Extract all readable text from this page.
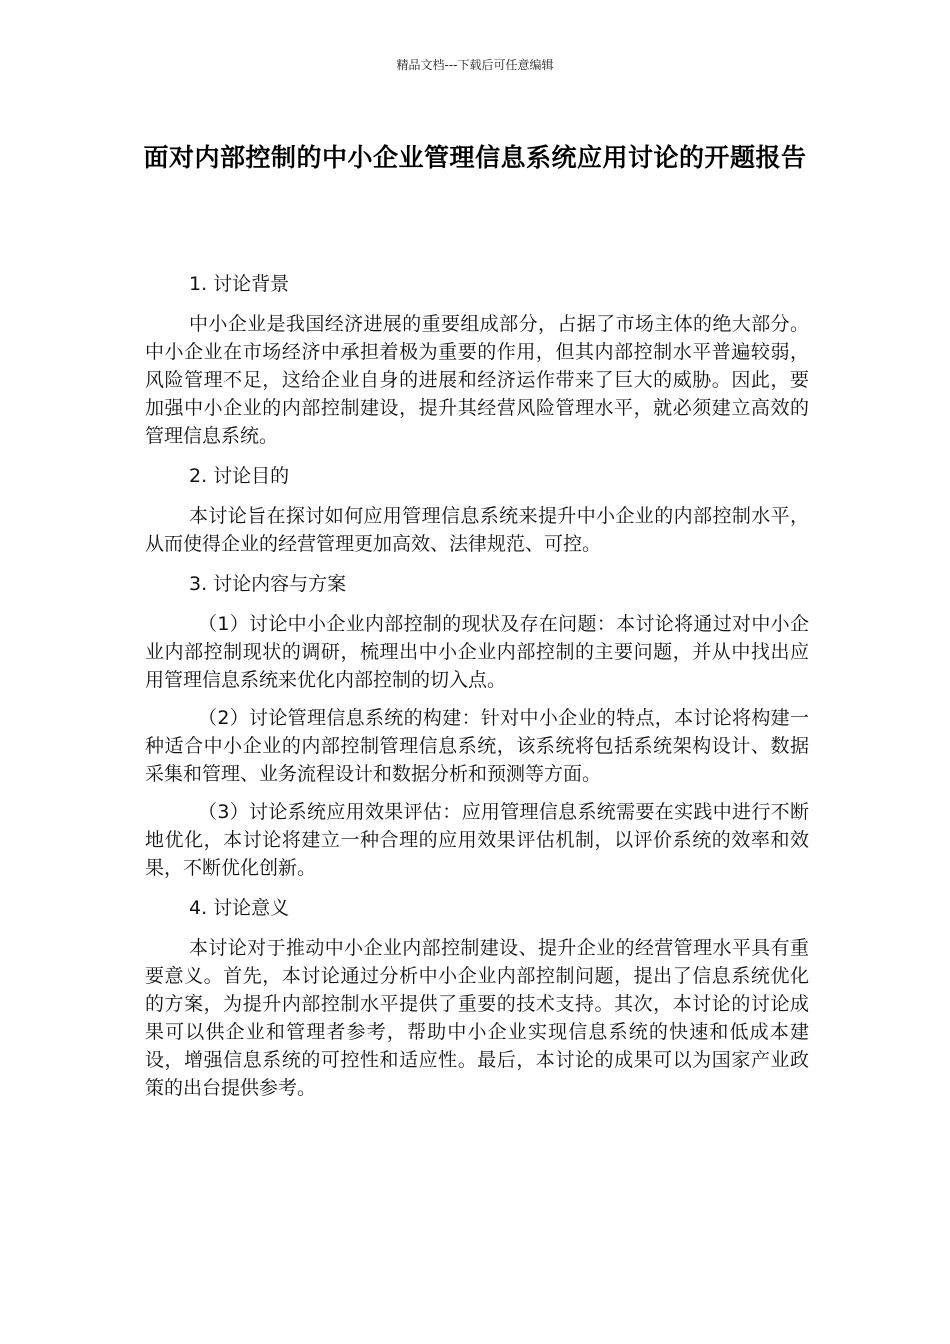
精品文档---下载后可任意编辑
面对内部控制的中小企业管理信息系统应用讨论的开题报告

1. 讨论背景

中小企业是我国经济进展的重要组成部分，占据了市场主体的绝大部分。中小企业在市场经济中承担着极为重要的作用，但其内部控制水平普遍较弱，风险管理不足，这给企业自身的进展和经济运作带来了巨大的威胁。因此，要加强中小企业的内部控制建设，提升其经营风险管理水平，就必须建立高效的管理信息系统。

2. 讨论目的

本讨论旨在探讨如何应用管理信息系统来提升中小企业的内部控制水平，从而使得企业的经营管理更加高效、法律规范、可控。

3. 讨论内容与方案

（1）讨论中小企业内部控制的现状及存在问题：本讨论将通过对中小企业内部控制现状的调研，梳理出中小企业内部控制的主要问题，并从中找出应用管理信息系统来优化内部控制的切入点。

（2）讨论管理信息系统的构建：针对中小企业的特点，本讨论将构建一种适合中小企业的内部控制管理信息系统，该系统将包括系统架构设计、数据采集和管理、业务流程设计和数据分析和预测等方面。

（3）讨论系统应用效果评估：应用管理信息系统需要在实践中进行不断地优化，本讨论将建立一种合理的应用效果评估机制，以评价系统的效率和效果，不断优化创新。

4. 讨论意义

本讨论对于推动中小企业内部控制建设、提升企业的经营管理水平具有重要意义。首先，本讨论通过分析中小企业内部控制问题，提出了信息系统优化的方案，为提升内部控制水平提供了重要的技术支持。其次，本讨论的讨论成果可以供企业和管理者参考，帮助中小企业实现信息系统的快速和低成本建设，增强信息系统的可控性和适应性。最后，本讨论的成果可以为国家产业政策的出台提供参考。
